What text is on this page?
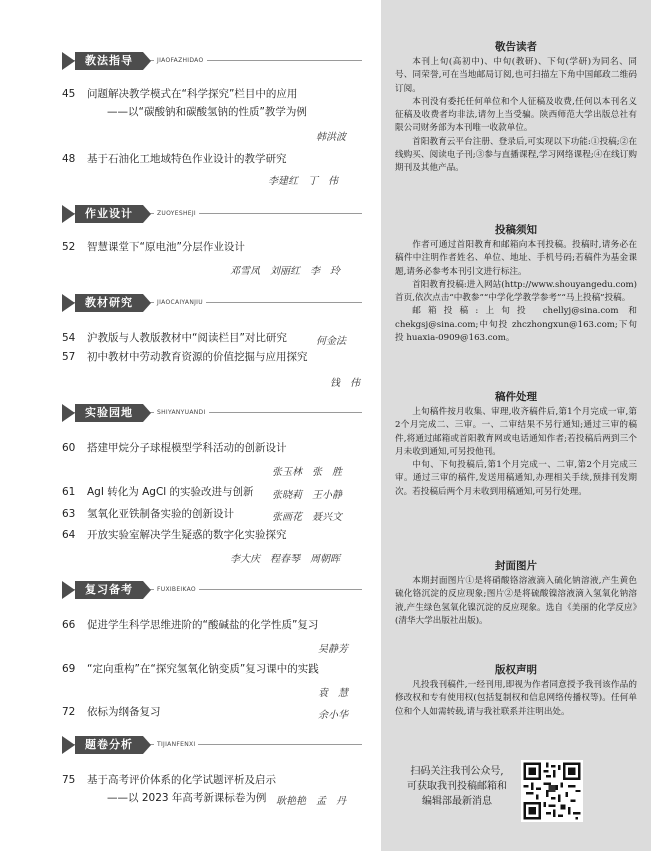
教法指导	JIAOFAZHIDAO
45	问题解决教学模式在“科学探究”栏目中的应用
——以“碳酸钠和碳酸氢钠的性质”教学为例
韩洪波
48	基于石油化工地域特色作业设计的教学研究
李建红　丁　伟
作业设计	ZUOYESHEJI
52	智慧课堂下“原电池”分层作业设计
邓雪凤　刘丽红　李　玲
教材研究	JIAOCAIYANJIU
54	沪教版与人教版教材中“阅读栏目”对比研究	何金法
57	初中教材中劳动教育资源的价值挖掘与应用探究
钱　伟
实验园地	SHIYANYUANDI
60	搭建甲烷分子球棍模型学科活动的创新设计
张玉林　张　胜
61	AgI 转化为 AgCl 的实验改进与创新 张晓莉　王小静
63	氢氧化亚铁制备实验的创新设计	张画花　聂兴文
64	开放实验室解决学生疑惑的数字化实验探究
李大庆　程春琴　周朝晖
复习备考	FUXIBEIKAO
66	促进学生科学思维进阶的“酸碱盐的化学性质”复习
吴静芳
69	“定向重构”在“探究氢氧化钠变质”复习课中的实践
袁　慧
72	依标为纲备复习	余小华
题卷分析	TIJIANFENXI
75	基于高考评价体系的化学试题评析及启示
——以 2023 年高考新课标卷为例 耿艳艳　孟　丹
敬告读者

本刊上旬(高初中)、中旬(教研)、下旬(学研)为同名、同号、同荣誉,可在当地邮局订阅,也可扫描左下角中国邮政二维码订阅。

本刊没有委托任何单位和个人征稿及收费,任何以本刊名义征稿及收费者均非法,请勿上当受骗。陕西师范大学出版总社有限公司财务部为本刊唯一收款单位。

首阳教育云平台注册、登录后,可实现以下功能:①投稿;②在线购买、阅读电子刊;③参与直播课程,学习网络课程;④在线订购期刊及其他产品。

投稿须知

作者可通过首阳教育和邮箱向本刊投稿。投稿时,请务必在稿件中注明作者姓名、单位、地址、手机号码;若稿件为基金课题,请务必参考本刊引文进行标注。

首阳教育投稿:进入网站(http://www.shouyangedu.com)首页,依次点击“中教参”“中学化学教学参考”“马上投稿”投稿。

邮箱投稿:上旬投 chellyj@sina.com 和 chekgsj@sina.com;中旬投 zhczhongxun@163.com;下旬投 huaxia-0909@163.com。

稿件处理

上旬稿件按月收集、审理,收齐稿件后,第1个月完成一审,第2个月完成二、三审。一、二审结果不另行通知;通过三审的稿件,将通过邮箱或首阳教育网或电话通知作者;若投稿后两到三个月未收到通知,可另投他刊。

中旬、下旬投稿后,第1个月完成一、二审,第2个月完成三审。通过三审的稿件,发送用稿通知,办理相关手续,预排刊发期次。若投稿后两个月未收到用稿通知,可另行处理。

封面图片

本期封面图片①是将硝酸铬溶液滴入硫化钠溶液,产生黄色硫化铬沉淀的反应现象;图片②是将硫酸镍溶液滴入氢氧化钠溶液,产生绿色氢氧化镍沉淀的反应现象。选自《美丽的化学反应》(清华大学出版社出版)。

版权声明

凡投我刊稿件,一经刊用,即视为作者同意授予我刊该作品的修改权和专有使用权(包括复制权和信息网络传播权等)。任何单位和个人如需转载,请与我社联系并注明出处。

扫码关注我刊公众号,可获取我刊投稿邮箱和编辑部最新消息
